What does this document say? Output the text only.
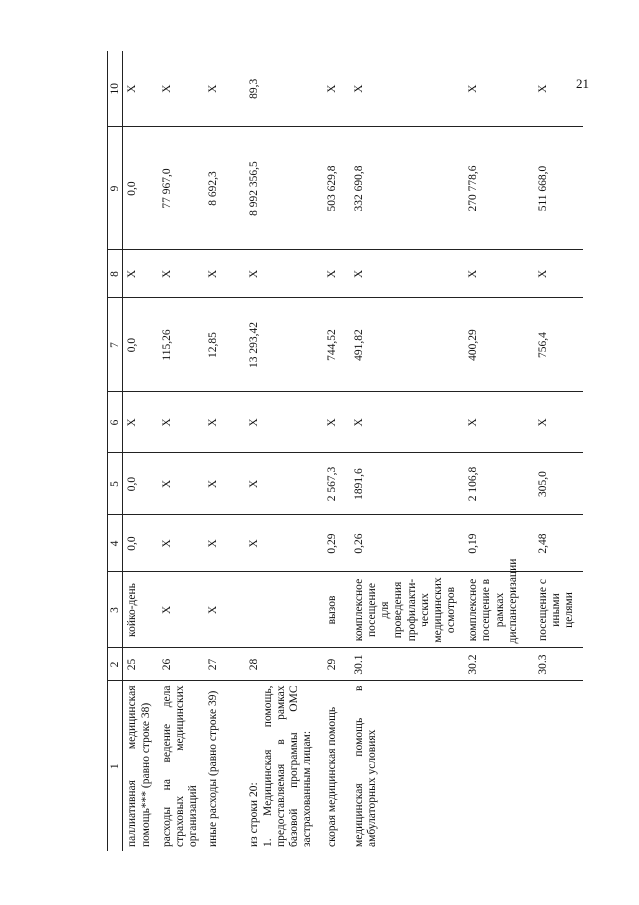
21
1	2	3	4	5	6	7	8	9	10
паллиативная медицинская помощь*** (равно строке 38)	25	койко-день	0,0	0,0	Х	0,0	Х	0,0	Х
расходы на ведение дела страховых медицинских организаций	26	Х	Х	Х	Х	115,26	Х	77 967,0	Х
иные расходы (равно строке 39)	27	Х	Х	Х	Х	12,85	Х	8 692,3	Х
из строки 20:
1. Медицинская помощь, предоставляемая в рамках базовой программы ОМС застрахованным лицам:	28		Х	Х	Х	13 293,42	Х	8 992 356,5	89,3
скорая медицинская помощь	29	вызов	0,29	2 567,3	Х	744,52	Х	503 629,8	Х
медицинская помощь в амбулаторных условиях	30.1	комплексное посещение для проведения профилакти-ческих медицинских осмотров	0,26	1891,6	Х	491,82	Х	332 690,8	Х
	30.2	комплексное посещение в рамках диспансеризации	0,19	2 106,8	Х	400,29	Х	270 778,6	Х
	30.3	посещение с иными целями	2,48	305,0	Х	756,4	Х	511 668,0	Х
